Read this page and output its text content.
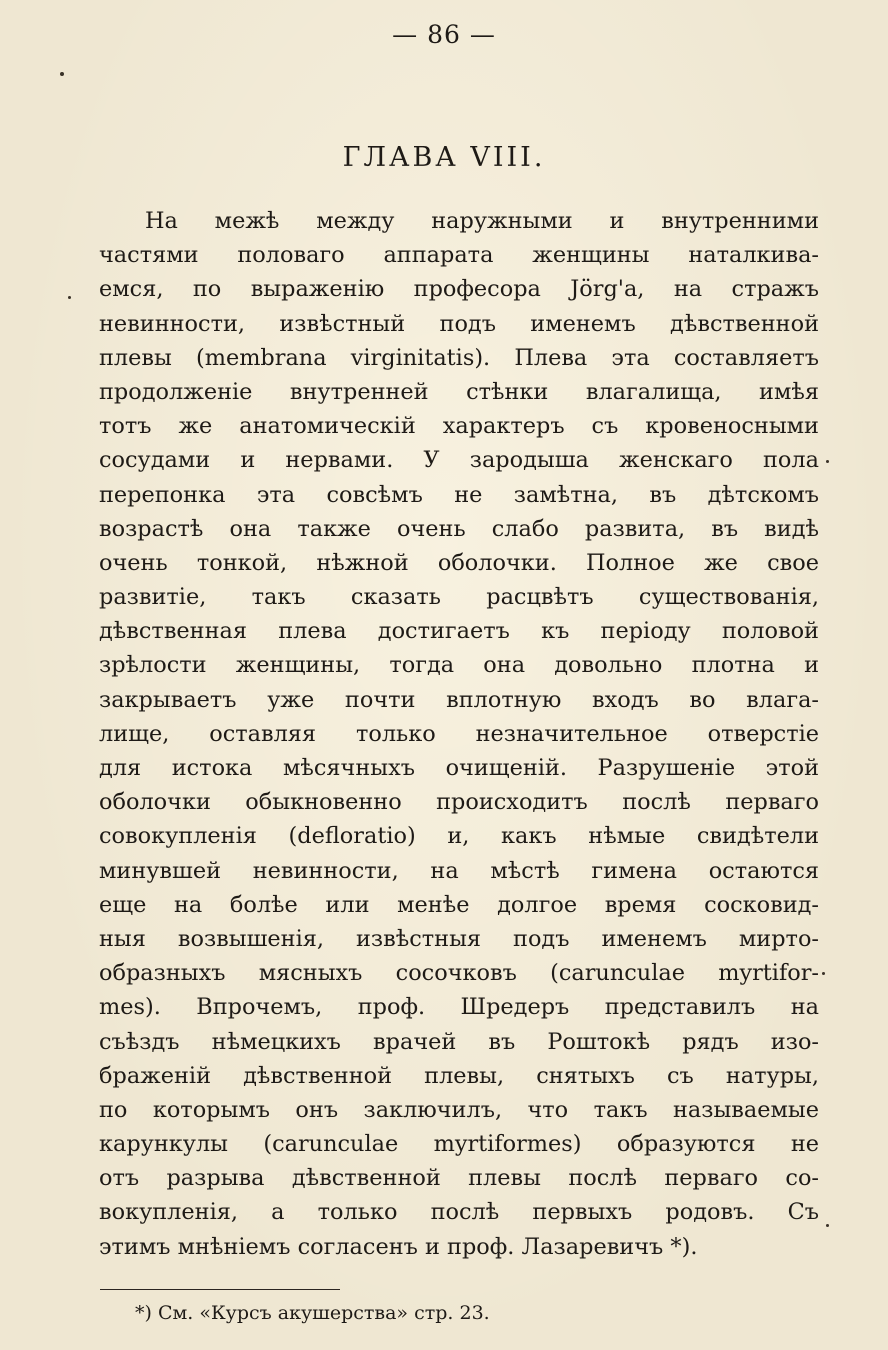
— 86 —
ГЛАВА VIII.
На межѣ между наружными и внутренними
частями половаго аппарата женщины наталкива-
емся, по выраженію професора Jörg'а, на стражъ
невинности, извѣстный подъ именемъ дѣвственной
плевы (membrana virginitatis). Плева эта составляетъ
продолженіе внутренней стѣнки влагалища, имѣя
тотъ же анатомическій характеръ съ кровеносными
сосудами и нервами. У зародыша женскаго пола
перепонка эта совсѣмъ не замѣтна, въ дѣтскомъ
возрастѣ она также очень слабо развита, въ видѣ
очень тонкой, нѣжной оболочки. Полное же свое
развитіе, такъ сказать расцвѣтъ существованія,
дѣвственная плева достигаетъ къ періоду половой
зрѣлости женщины, тогда она довольно плотна и
закрываетъ уже почти вплотную входъ во влага-
лище, оставляя только незначительное отверстіе
для истока мѣсячныхъ очищеній. Разрушеніе этой
оболочки обыкновенно происходитъ послѣ перваго
совокупленія (defloratio) и, какъ нѣмые свидѣтели
минувшей невинности, на мѣстѣ гимена остаются
еще на болѣе или менѣе долгое время сосковид-
ныя возвышенія, извѣстныя подъ именемъ мирто-
образныхъ мясныхъ сосочковъ (carunculae myrtifor-
mes). Впрочемъ, проф. Шредеръ представилъ на
съѣздъ нѣмецкихъ врачей въ Роштокѣ рядъ изо-
браженій дѣвственной плевы, снятыхъ съ натуры,
по которымъ онъ заключилъ, что такъ называемые
карункулы (carunculae myrtiformes) образуются не
отъ разрыва дѣвственной плевы послѣ перваго со-
вокупленія, а только послѣ первыхъ родовъ. Съ
этимъ мнѣніемъ согласенъ и проф. Лазаревичъ *).
*) См. «Курсъ акушерства» стр. 23.
